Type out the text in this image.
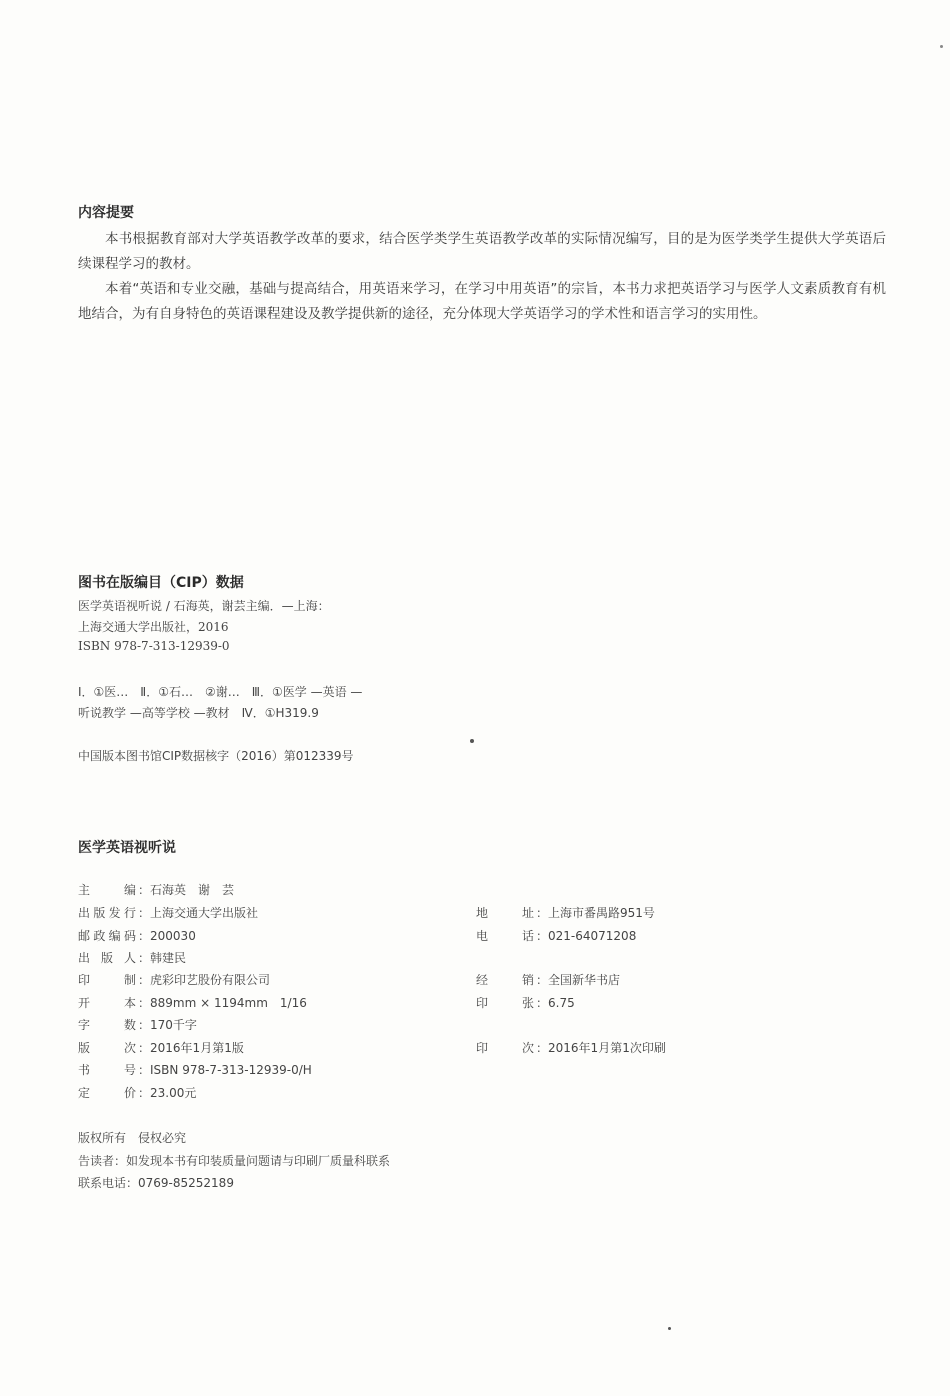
内容提要

本书根据教育部对大学英语教学改革的要求，结合医学类学生英语教学改革的实际情况编写，目的是为医学类学生提供大学英语后续课程学习的教材。

本着“英语和专业交融，基础与提高结合，用英语来学习，在学习中用英语”的宗旨，本书力求把英语学习与医学人文素质教育有机地结合，为有自身特色的英语课程建设及教学提供新的途径，充分体现大学英语学习的学术性和语言学习的实用性。

图书在版编目（CIP）数据
医学英语视听说 / 石海英，谢芸主编．—上海：
上海交通大学出版社，2016
ISBN 978-7-313-12939-0
Ⅰ．①医…　Ⅱ．①石…　②谢…　Ⅲ．①医学 —英语 —
听说教学 —高等学校 —教材　Ⅳ．①H319.9
中国版本图书馆CIP数据核字（2016）第012339号
医学英语视听说
主编 ：石海英　谢　芸
出版发行 ：上海交通大学出版社
邮政编码 ：200030
出版人 ：韩建民
印制 ：虎彩印艺股份有限公司
开本 ：889mm × 1194mm　1/16
字数 ：170千字
版次 ：2016年1月第1版
书号 ：ISBN 978-7-313-12939-0/H
定价 ：23.00元
地址 ：上海市番禺路951号
电话 ：021-64071208
经销 ：全国新华书店
印张 ：6.75
印次 ：2016年1月第1次印刷
版权所有　侵权必究
告读者：如发现本书有印装质量问题请与印刷厂质量科联系
联系电话：0769-85252189
